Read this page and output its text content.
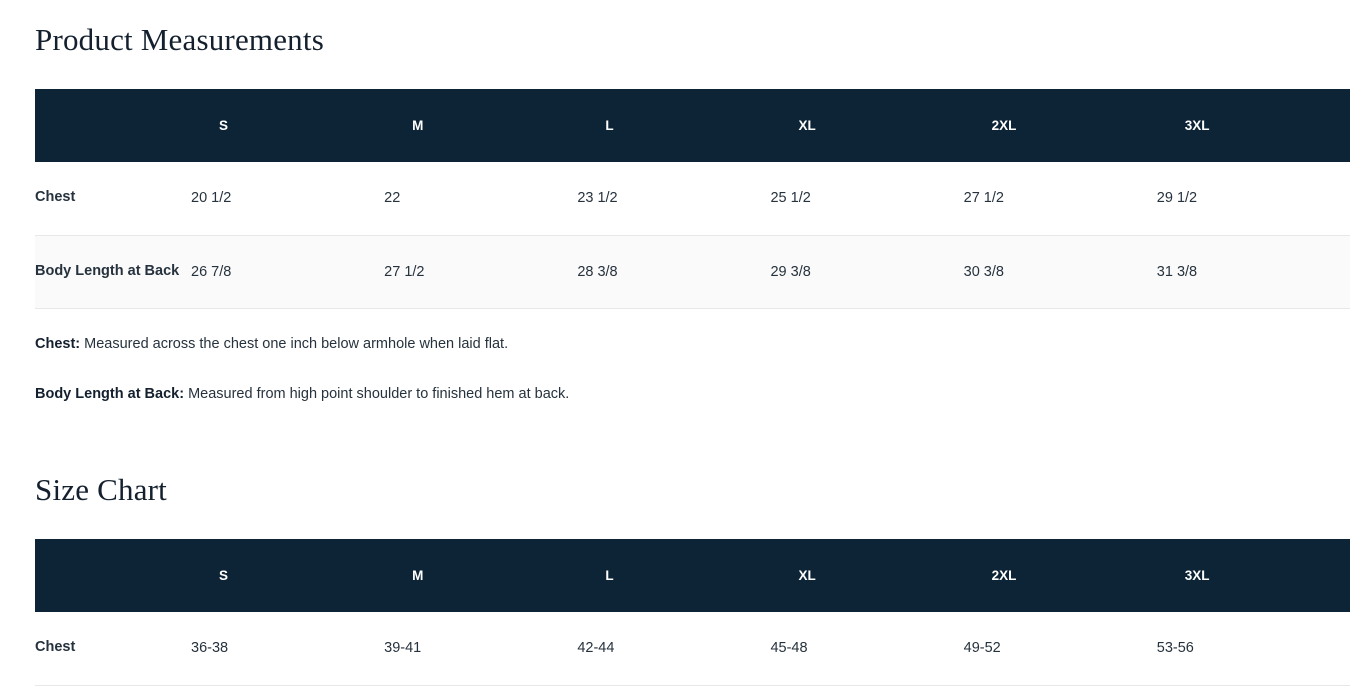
Product Measurements

	S	M	L	XL	2XL	3XL

Chest	20 1/2	22	23 1/2	25 1/2	27 1/2	29 1/2
Body Length at Back	26 7/8	27 1/2	28 3/8	29 3/8	30 3/8	31 3/8
Chest: Measured across the chest one inch below armhole when laid flat.
Body Length at Back: Measured from high point shoulder to finished hem at back.
Size Chart

	S	M	L	XL	2XL	3XL

Chest	36-38	39-41	42-44	45-48	49-52	53-56
